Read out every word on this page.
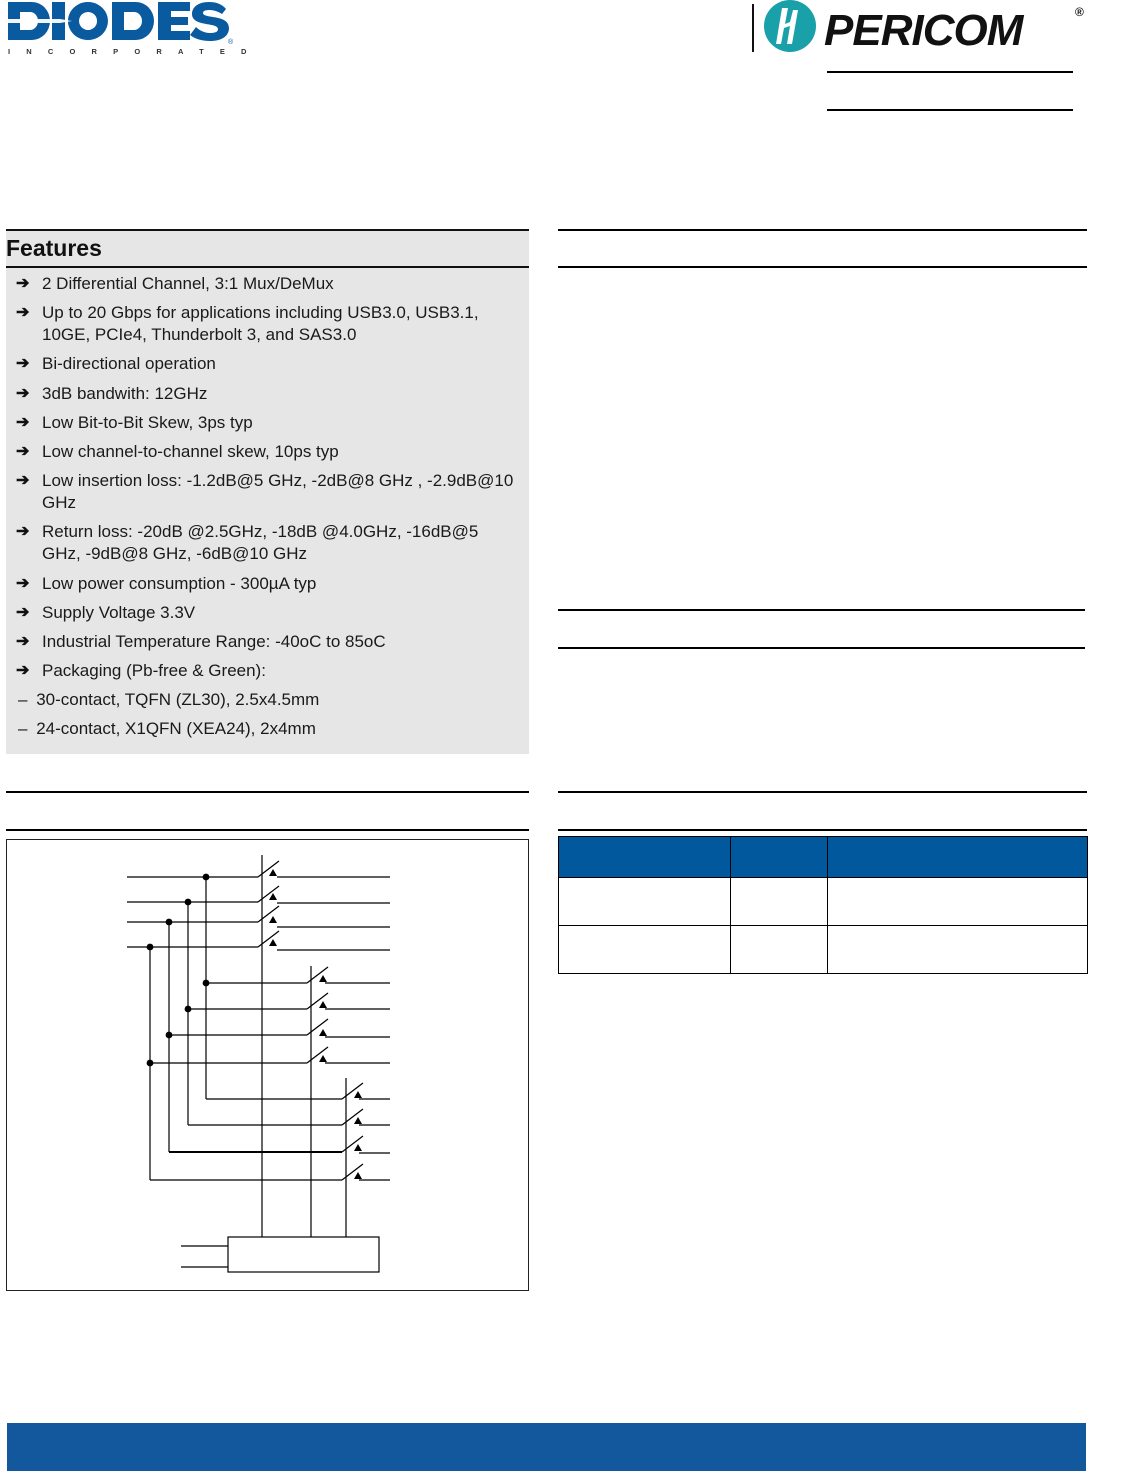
®
INCORPORATED	PERICOM	®
Features
➔ 2 Differential Channel, 3:1 Mux/DeMux
➔ Up to 20 Gbps for applications including USB3.0, USB3.1, 10GE, PCIe4, Thunderbolt 3, and SAS3.0
➔ Bi-directional operation
➔ 3dB bandwith: 12GHz
➔ Low Bit-to-Bit Skew, 3ps typ
➔ Low channel-to-channel skew, 10ps typ
➔ Low insertion loss: -1.2dB@5 GHz, -2dB@8 GHz , -2.9dB@10 GHz
➔ Return loss: -20dB @2.5GHz, -18dB @4.0GHz, -16dB@5 GHz, -9dB@8 GHz, -6dB@10 GHz
➔ Low power consumption - 300µA typ
➔ Supply Voltage 3.3V
➔ Industrial Temperature Range: -40oC to 85oC
➔ Packaging (Pb-free & Green):
– 30-contact, TQFN (ZL30), 2.5x4.5mm
– 24-contact, X1QFN (XEA24), 2x4mm
